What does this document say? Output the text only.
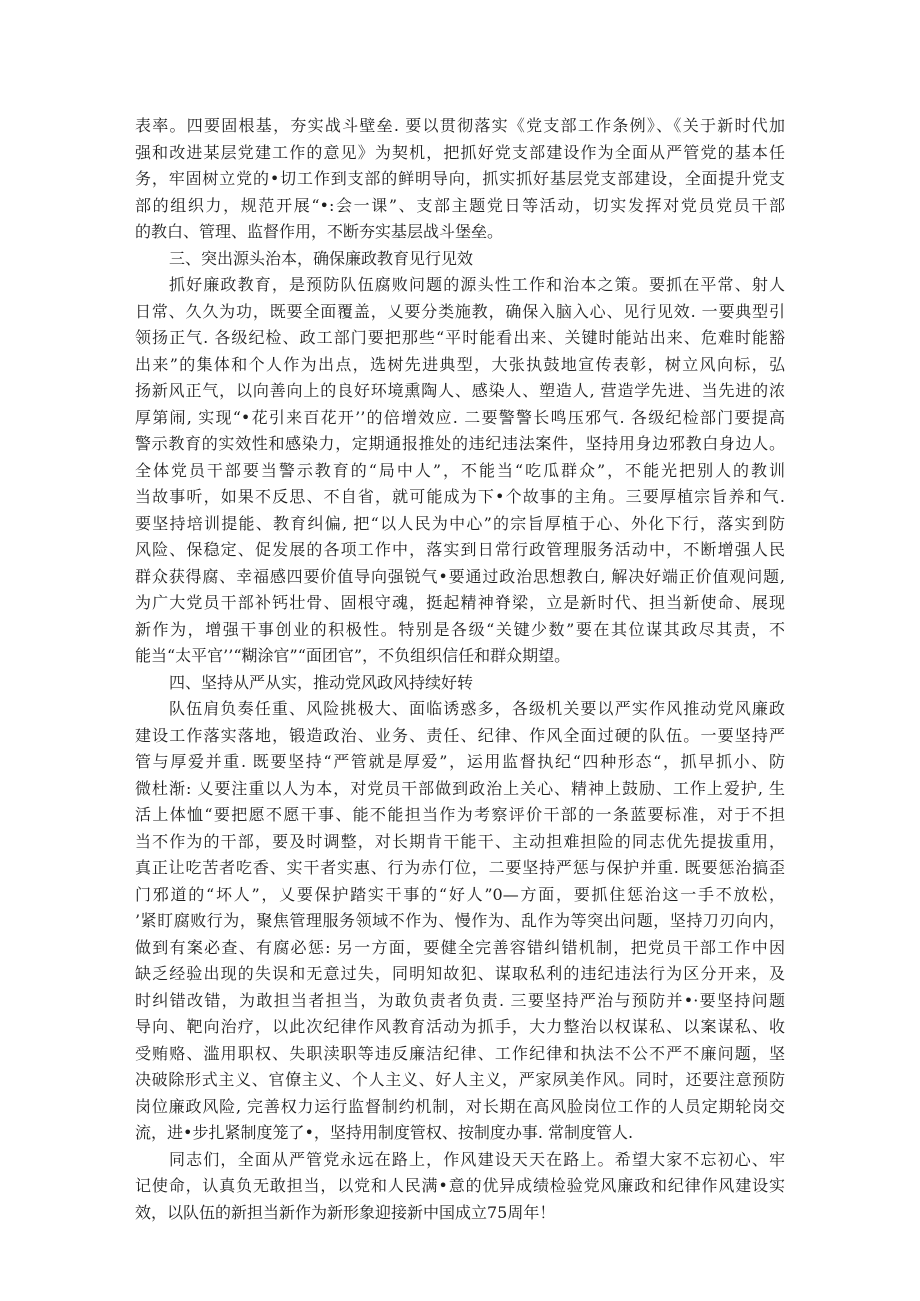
表率。四要固根基，夯实战斗壁垒. 要以贯彻落实《党支部工作条例》、《关于新时代加
强和改进某层党建工作的意见》为契机，把抓好党支部建设作为全面从严管党的基本任
务，牢固树立党的•切工作到支部的鲜明导向，抓实抓好基层党支部建设，全面提升党支
部的组织力，规范开展“•:会一课”、支部主题党日等活动，切实发挥对党员党员干部
的教白、管理、监督作用，不断夯实基层战斗堡垒。
三、突出源头治本，确保廉政教育见行见效
抓好廉政教育，是预防队伍腐败问题的源头性工作和治本之策。要抓在平常、射人
日常、久久为功，既要全面覆盖，乂要分类施教，确保入脑入心、见行见效. 一要典型引
领扬正气. 各级纪检、政工部门要把那些“平时能看出来、关键时能站出来、危难时能豁
出来”的集体和个人作为出点，选树先进典型，大张执鼓地宣传表彰，树立风向标，弘
扬新风正气，以向善向上的良好环境熏陶人、感染人、塑造人, 营造学先进、当先进的浓
厚第闹, 实现“•花引来百花开’’的倍增效应. 二要警警长鸣压邪气. 各级纪检部门要提高
警示教育的实效性和感染力，定期通报推处的违纪违法案件，坚持用身边邪教白身边人。
全体党员干部要当警示教育的“局中人”，不能当“吃瓜群众”，不能光把别人的教训
当故事听，如果不反思、不自省，就可能成为下•个故事的主角。三要厚植宗旨养和气.
要坚持培训提能、教育纠偏, 把“以人民为中心”的宗旨厚植于心、外化下行，落实到防
风险、保稳定、促发展的各项工作中，落实到日常行政管理服务活动中，不断增强人民
群众获得腐、幸福感四要价值导向强锐气•要通过政治思想教白, 解决好端正价值观问题,
为广大党员干部补钙壮骨、固根守魂，挺起精神脊梁，立是新时代、担当新使命、展现
新作为，增强干事创业的积极性。特别是各级“关键少数”要在其位谋其政尽其责，不
能当“太平官’’“糊涂官”“面团官”，不负组织信任和群众期望。
四、坚持从严从实，推动党风政风持续好转
队伍肩负奏任重、风险挑极大、面临诱惑多，各级机关要以严实作风推动党风廉政
建设工作落实落地，锻造政治、业务、责任、纪律、作风全面过硬的队伍。一要坚持严
管与厚爱并重. 既要坚持“严管就是厚爱”，运用监督执纪“四种形态“，抓早抓小、防
微杜渐: 乂要注重以人为本，对党员干部做到政治上关心、精神上鼓励、工作上爱护, 生
活上体恤“要把愿不愿干事、能不能担当作为考察评价干部的一条蓝要标准，对于不担
当不作为的干部，要及时调整，对长期肯干能干、主动担难担险的同志优先提拔重用，
真正让吃苦者吃香、实干者实惠、行为赤仃位，二要坚持严惩与保护并重. 既要惩治搞歪
门邪道的“坏人”，乂要保护踏实干事的“好人”0—方面，要抓住惩治这一手不放松，
’紧盯腐败行为，聚焦管理服务领域不作为、慢作为、乱作为等突出问题，坚持刀刃向内，
做到有案必查、有腐必惩: 另一方面，要健全完善容错纠错机制，把党员干部工作中因
缺乏经验出现的失误和无意过失，同明知故犯、谋取私利的违纪违法行为区分开来，及
时纠错改错，为敢担当者担当，为敢负责者负责. 三要坚持严治与预防并•·要坚持问题
导向、靶向治疗，以此次纪律作风教育活动为抓手，大力整治以权谋私、以案谋私、收
受贿赂、滥用职权、失职渎职等违反廉洁纪律、工作纪律和执法不公不严不廉问题，坚
决破除形式主义、官僚主义、个人主义、好人主义，严家夙美作风。同时，还要注意预防
岗位廉政风险, 完善权力运行监督制约机制，对长期在高风脸岗位工作的人员定期轮岗交
流，进•步扎紧制度笼了•，坚持用制度管权、按制度办事. 常制度管人.
同志们，全面从严管党永远在路上，作风建设天天在路上。希望大家不忘初心、牢
记使命，认真负无敢担当，以党和人民满•意的优异成绩检验党风廉政和纪律作风建设实
效，以队伍的新担当新作为新形象迎接新中国成立75周年！
